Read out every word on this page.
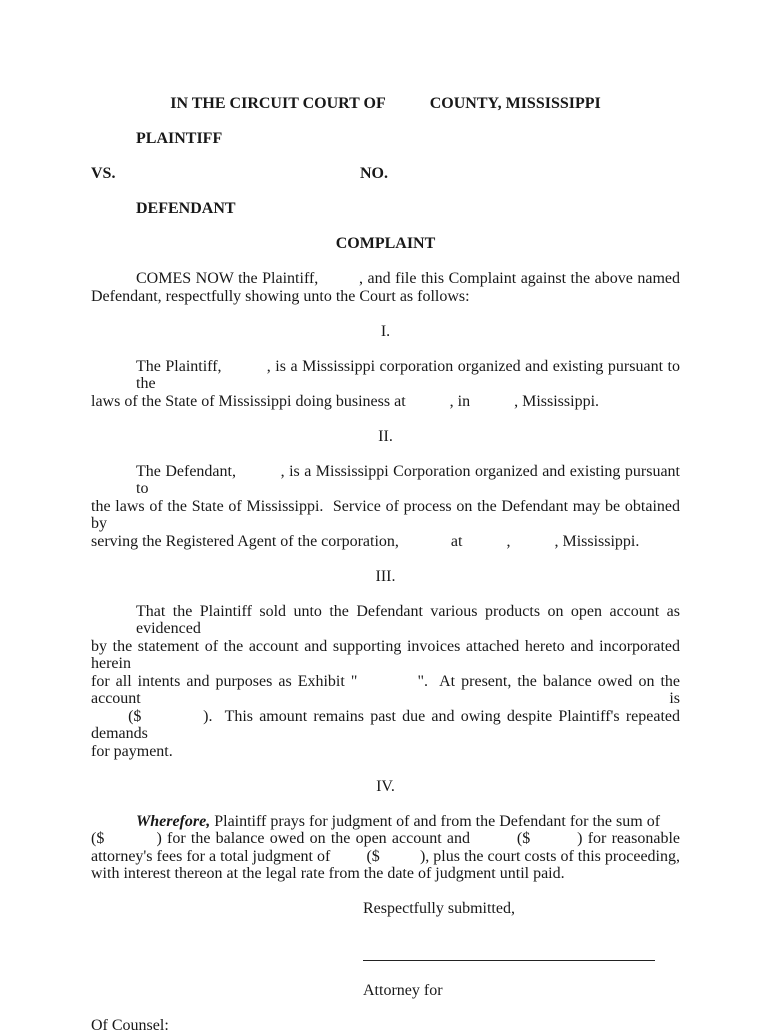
IN THE CIRCUIT COURT OF           COUNTY, MISSISSIPPI
PLAINTIFF
VS.	NO.
DEFENDANT
COMPLAINT
COMES NOW the Plaintiff,         , and file this Complaint against the above named
Defendant, respectfully showing unto the Court as follows:
I.
The Plaintiff,          , is a Mississippi corporation organized and existing pursuant to the
laws of the State of Mississippi doing business at           , in           , Mississippi.
II.
The Defendant,          , is a Mississippi Corporation organized and existing pursuant to
the laws of the State of Mississippi.  Service of process on the Defendant may be obtained by
serving the Registered Agent of the corporation,             at           ,           , Mississippi.
III.
That the Plaintiff sold unto the Defendant various products on open account as evidenced
by the statement of the account and supporting invoices attached hereto and incorporated herein
for all intents and purposes as Exhibit "          ".  At present, the balance owed on the account is
($          ).  This amount remains past due and owing despite Plaintiff's repeated demands
for payment.
IV.
Wherefore, Plaintiff prays for judgment of and from the Defendant for the sum of
($          ) for the balance owed on the open account and         ($         ) for reasonable
attorney's fees for a total judgment of         ($          ), plus the court costs of this proceeding,
with interest thereon at the legal rate from the date of judgment until paid.
Respectfully submitted,
Attorney for
Of Counsel:
